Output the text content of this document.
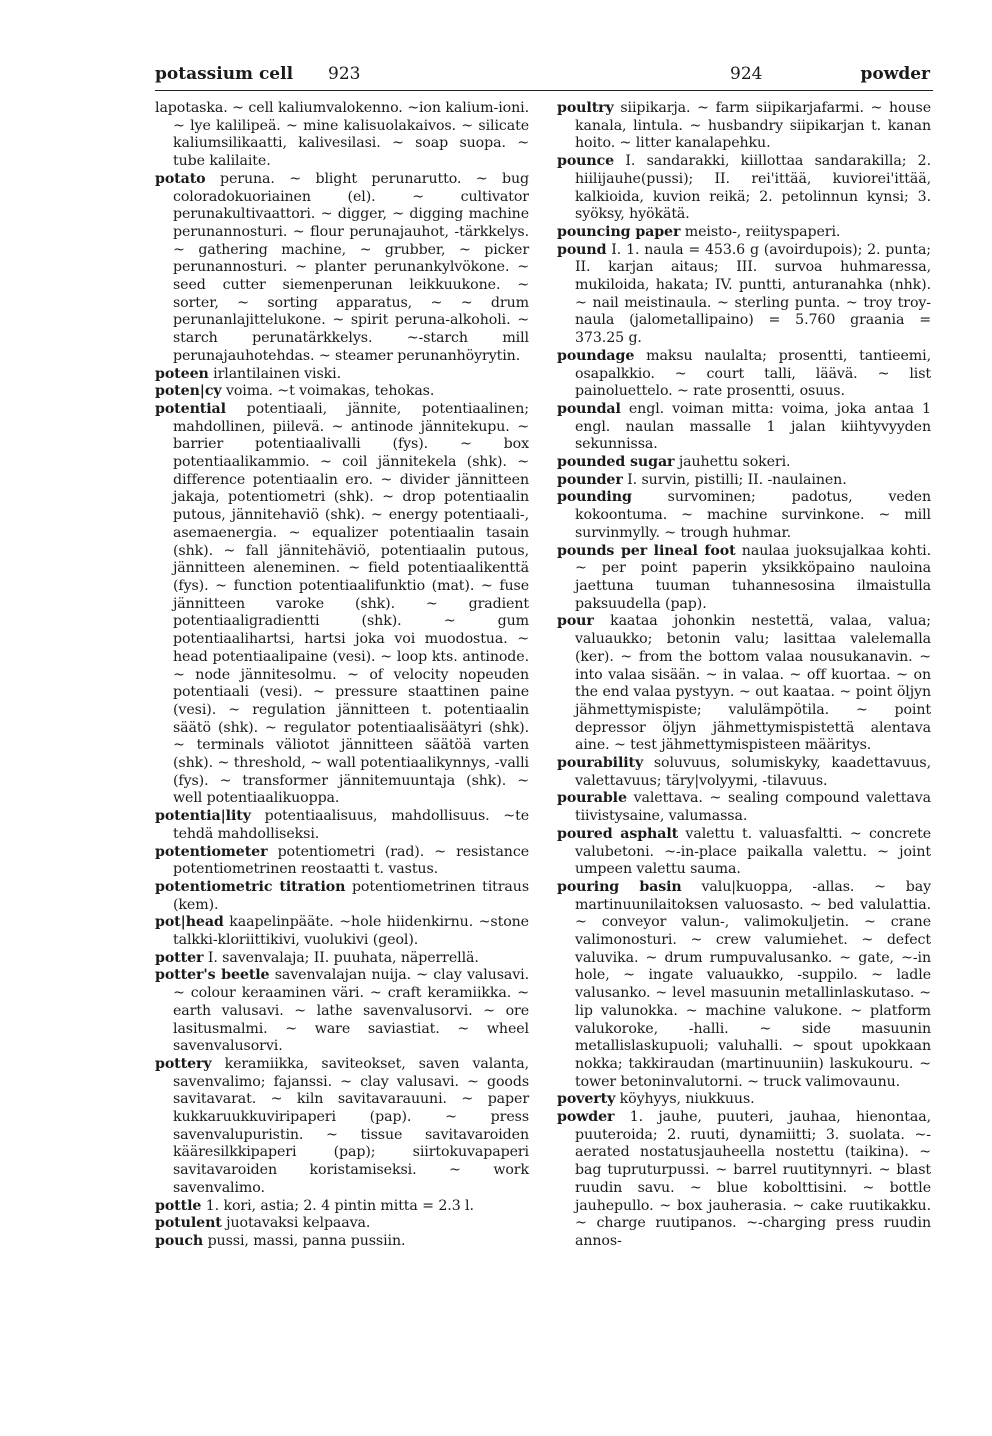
potassium cell 923	924	powder

lapotaska. ~ cell kaliumvalokenno. ~ion kalium-ioni. ~ lye kalilipeä. ~ mine kalisuolakaivos. ~ silicate kaliumsilikaatti, kalivesilasi. ~ soap suopa. ~ tube kalilaite.

potato peruna. ~ blight perunarutto. ~ bug coloradokuoriainen (el). ~ cultivator perunakultivaattori. ~ digger, ~ digging machine perunannosturi. ~ flour perunajauhot, -tärkkelys. ~ gathering machine, ~ grubber, ~ picker perunannosturi. ~ planter perunankylvökone. ~ seed cutter siemenperunan leikkuukone. ~ sorter, ~ sorting apparatus, ~ ~ drum perunanlajittelukone. ~ spirit peruna-alkoholi. ~ starch perunatärkkelys. ~-starch mill perunajauhotehdas. ~ steamer perunanhöyrytin.

poteen irlantilainen viski.

poten|cy voima. ~t voimakas, tehokas.

potential potentiaali, jännite, potentiaalinen; mahdollinen, piilevä. ~ antinode jännitekupu. ~ barrier potentiaalivalli (fys). ~ box potentiaalikammio. ~ coil jännitekela (shk). ~ difference potentiaalin ero. ~ divider jännitteen jakaja, potentiometri (shk). ~ drop potentiaalin putous, jännitehaviö (shk). ~ energy potentiaali-, asemaenergia. ~ equalizer potentiaalin tasain (shk). ~ fall jännitehäviö, potentiaalin putous, jännitteen aleneminen. ~ field potentiaalikenttä (fys). ~ function potentiaalifunktio (mat). ~ fuse jännitteen varoke (shk). ~ gradient potentiaaligradientti (shk). ~ gum potentiaalihartsi, hartsi joka voi muodostua. ~ head potentiaalipaine (vesi). ~ loop kts. antinode. ~ node jännitesolmu. ~ of velocity nopeuden potentiaali (vesi). ~ pressure staattinen paine (vesi). ~ regulation jännitteen t. potentiaalin säätö (shk). ~ regulator potentiaalisäätyri (shk). ~ terminals väliotot jännitteen säätöä varten (shk). ~ threshold, ~ wall potentiaalikynnys, -valli (fys). ~ transformer jännitemuuntaja (shk). ~ well potentiaalikuoppa.

potentia|lity potentiaalisuus, mahdollisuus. ~te tehdä mahdolliseksi.

potentiometer potentiometri (rad). ~ resistance potentiometrinen reostaatti t. vastus.

potentiometric titration potentiometrinen titraus (kem).

pot|head kaapelinpääte. ~hole hiidenkirnu. ~stone talkki-kloriittikivi, vuolukivi (geol).

potter I. savenvalaja; II. puuhata, näperrellä.

potter's beetle savenvalajan nuija. ~ clay valusavi. ~ colour keraaminen väri. ~ craft keramiikka. ~ earth valusavi. ~ lathe savenvalusorvi. ~ ore lasitusmalmi. ~ ware saviastiat. ~ wheel savenvalusorvi.

pottery keramiikka, saviteokset, saven valanta, savenvalimo; fajanssi. ~ clay valusavi. ~ goods savitavarat. ~ kiln savitavarauuni. ~ paper kukkaruukkuviripaperi (pap). ~ press savenvalupuristin. ~ tissue savitavaroiden kääresilkkipaperi (pap); siirtokuvapaperi savitavaroiden koristamiseksi. ~ work savenvalimo.

pottle 1. kori, astia; 2. 4 pintin mitta = 2.3 l.

potulent juotavaksi kelpaava.

pouch pussi, massi, panna pussiin.

poultry siipikarja. ~ farm siipikarjafarmi. ~ house kanala, lintula. ~ husbandry siipikarjan t. kanan hoito. ~ litter kanalapehku.

pounce I. sandarakki, kiillottaa sandarakilla; 2. hiilijauhe(pussi); II. rei'ittää, kuviorei'ittää, kalkioida, kuvion reikä; 2. petolinnun kynsi; 3. syöksy, hyökätä.

pouncing paper meisto-, reiityspaperi.

pound I. 1. naula = 453.6 g (avoirdupois); 2. punta; II. karjan aitaus; III. survoa huhmaressa, mukiloida, hakata; IV. puntti, anturanahka (nhk). ~ nail meistinaula. ~ sterling punta. ~ troy troy-naula (jalometallipaino) = 5.760 graania = 373.25 g.

poundage maksu naulalta; prosentti, tantieemi, osapalkkio. ~ court talli, läävä. ~ list painoluettelo. ~ rate prosentti, osuus.

poundal engl. voiman mitta: voima, joka antaa 1 engl. naulan massalle 1 jalan kiihtyvyyden sekunnissa.

pounded sugar jauhettu sokeri.

pounder I. survin, pistilli; II. -naulainen.

pounding	survominen; padotus, veden kokoontuma. ~ machine survinkone. ~ mill survinmylly. ~ trough huhmar.

pounds per lineal foot naulaa juoksujalkaa kohti. ~ per point paperin yksikköpaino nauloina jaettuna tuuman tuhannesosina ilmaistulla paksuudella (pap).

pour kaataa johonkin nestettä, valaa, valua; valuaukko; betonin valu; lasittaa valelemalla (ker). ~ from the bottom valaa nousukanavin. ~ into valaa sisään. ~ in valaa. ~ off kuortaa. ~ on the end valaa pystyyn. ~ out kaataa. ~ point öljyn jähmettymispiste; valulämpötila. ~ point depressor öljyn jähmettymispistettä alentava aine. ~ test jähmettymispisteen määritys.

pourability soluvuus, solumiskyky, kaadettavuus, valettavuus; täry|volyymi, -tilavuus.

pourable valettava. ~ sealing compound valettava tiivistysaine, valumassa.

poured asphalt valettu t. valuasfaltti. ~ concrete valubetoni. ~-in-place paikalla valettu. ~ joint umpeen valettu sauma.

pouring basin valu|kuoppa, -allas. ~ bay martinuunilaitoksen valuosasto. ~ bed valulattia. ~ conveyor valun-, valimokuljetin. ~ crane valimonosturi. ~ crew valumiehet. ~ defect valuvika. ~ drum rumpuvalusanko. ~ gate, ~-in hole, ~ ingate valuaukko, -suppilo. ~ ladle valusanko. ~ level masuunin metallinlaskutaso. ~ lip valunokka. ~ machine valukone. ~ platform valukoroke, -halli. ~ side masuunin metallislaskupuoli; valuhalli. ~ spout upokkaan nokka; takkiraudan (martinuuniin) laskukouru. ~ tower betoninvalutorni. ~ truck valimovaunu.

poverty köyhyys, niukkuus.

powder 1. jauhe, puuteri, jauhaa, hienontaa, puuteroida; 2. ruuti, dynamiitti; 3. suolata. ~-aerated nostatusjauheella nostettu (taikina). ~ bag tupruturpussi. ~ barrel ruutitynnyri. ~ blast ruudin savu. ~ blue kobolttisini. ~ bottle jauhepullo. ~ box jauherasia. ~ cake ruutikakku. ~ charge ruutipanos. ~-charging press ruudin annos-
